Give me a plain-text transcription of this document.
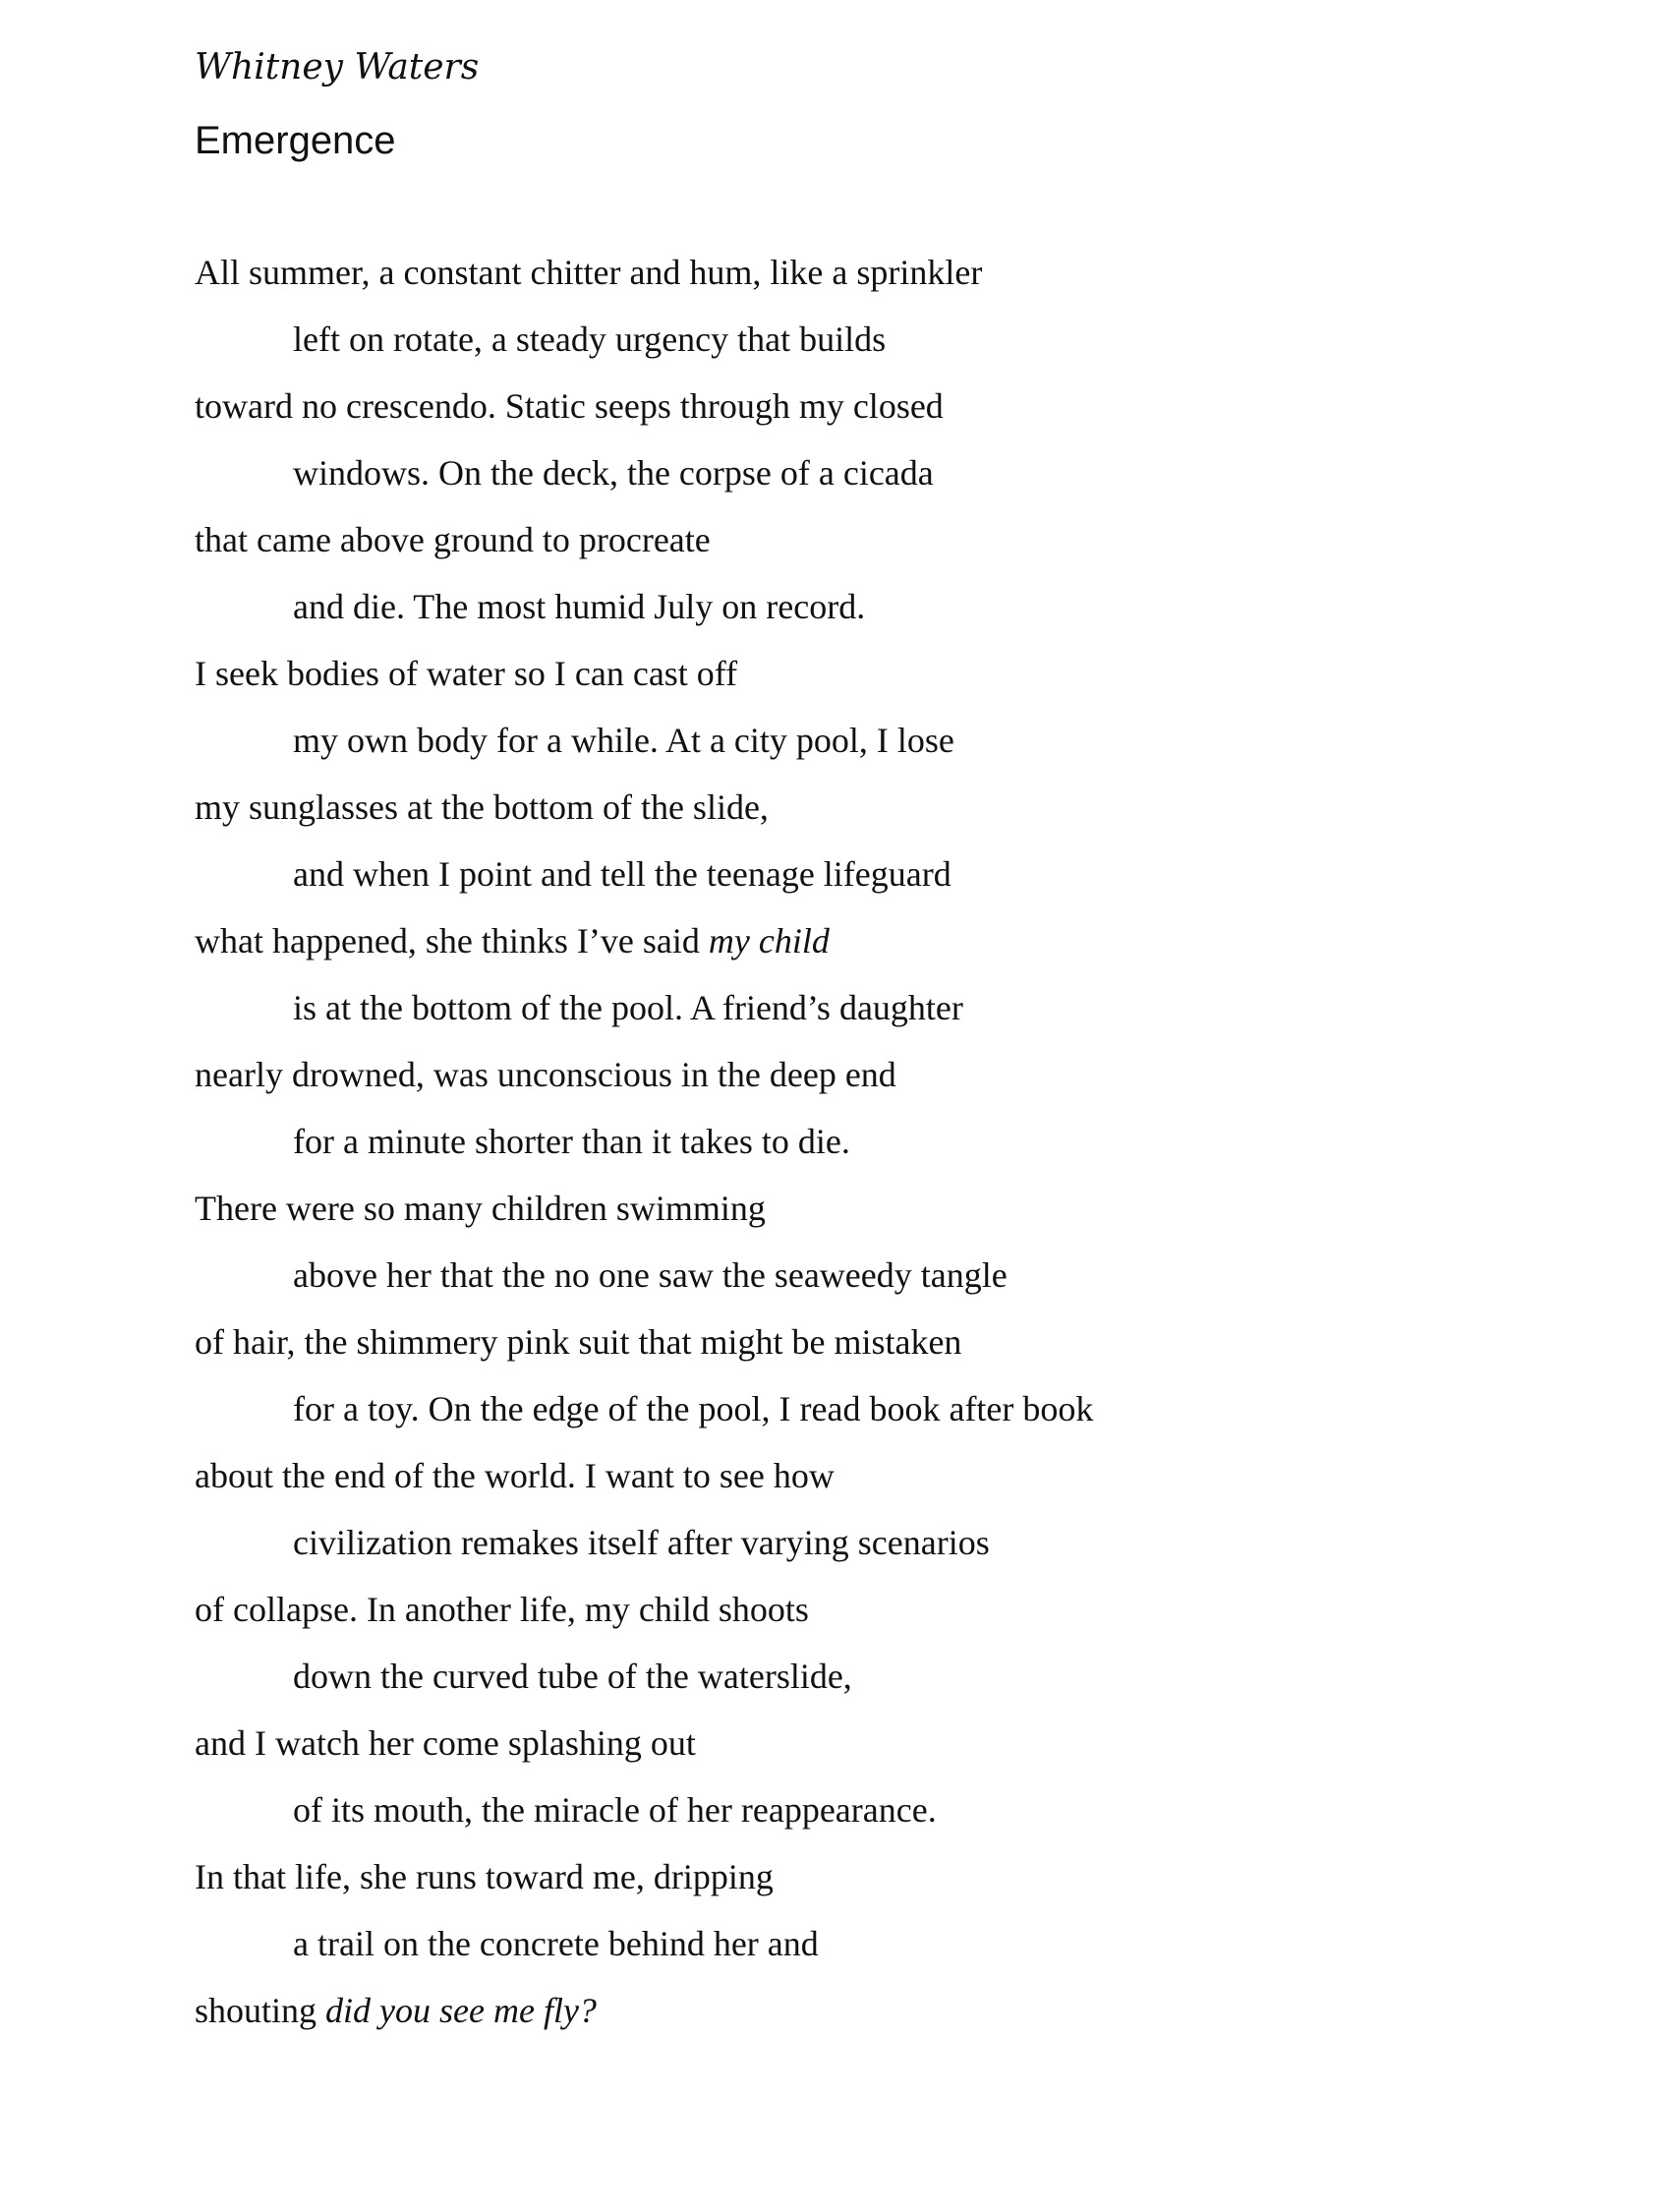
Whitney Waters

Emergence
All summer, a constant chitter and hum, like a sprinkler
left on rotate, a steady urgency that builds
toward no crescendo. Static seeps through my closed
windows. On the deck, the corpse of a cicada
that came above ground to procreate
and die. The most humid July on record.
I seek bodies of water so I can cast off
my own body for a while. At a city pool, I lose
my sunglasses at the bottom of the slide,
and when I point and tell the teenage lifeguard
what happened, she thinks I’ve said my child
is at the bottom of the pool. A friend’s daughter
nearly drowned, was unconscious in the deep end
for a minute shorter than it takes to die.
There were so many children swimming
above her that the no one saw the seaweedy tangle
of hair, the shimmery pink suit that might be mistaken
for a toy. On the edge of the pool, I read book after book
about the end of the world. I want to see how
civilization remakes itself after varying scenarios
of collapse. In another life, my child shoots
down the curved tube of the waterslide,
and I watch her come splashing out
of its mouth, the miracle of her reappearance.
In that life, she runs toward me, dripping
a trail on the concrete behind her and
shouting did you see me fly?
